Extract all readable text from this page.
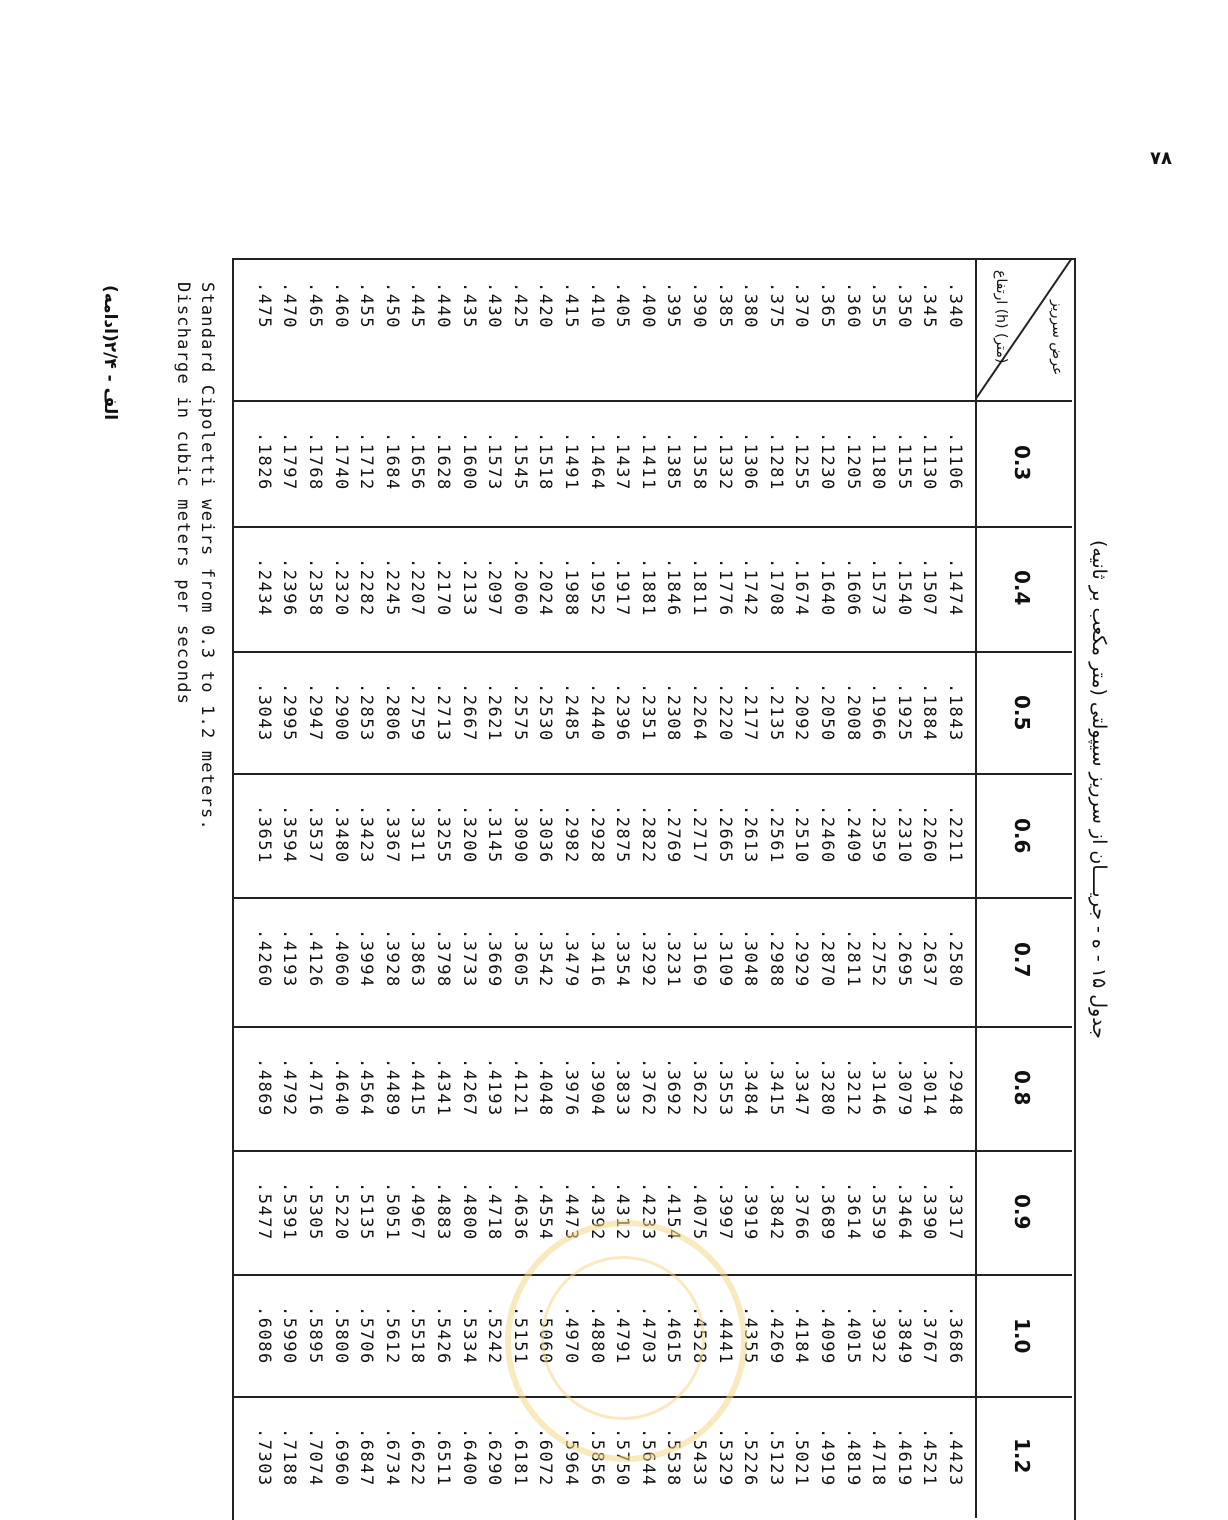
۷۸
عرض سرریز
ارتفاع (h) (متر)
0.3
0.4
0.5
0.6
0.7
0.8
0.9
1.0
1.2
.340
.345
.350
.355
.360
.365
.370
.375
.380
.385
.390
.395
.400
.405
.410
.415
.420
.425
.430
.435
.440
.445
.450
.455
.460
.465
.470
.475
.1106
.1130
.1155
.1180
.1205
.1230
.1255
.1281
.1306
.1332
.1358
.1385
.1411
.1437
.1464
.1491
.1518
.1545
.1573
.1600
.1628
.1656
.1684
.1712
.1740
.1768
.1797
.1826
.1474
.1507
.1540
.1573
.1606
.1640
.1674
.1708
.1742
.1776
.1811
.1846
.1881
.1917
.1952
.1988
.2024
.2060
.2097
.2133
.2170
.2207
.2245
.2282
.2320
.2358
.2396
.2434
.1843
.1884
.1925
.1966
.2008
.2050
.2092
.2135
.2177
.2220
.2264
.2308
.2351
.2396
.2440
.2485
.2530
.2575
.2621
.2667
.2713
.2759
.2806
.2853
.2900
.2947
.2995
.3043
.2211
.2260
.2310
.2359
.2409
.2460
.2510
.2561
.2613
.2665
.2717
.2769
.2822
.2875
.2928
.2982
.3036
.3090
.3145
.3200
.3255
.3311
.3367
.3423
.3480
.3537
.3594
.3651
.2580
.2637
.2695
.2752
.2811
.2870
.2929
.2988
.3048
.3109
.3169
.3231
.3292
.3354
.3416
.3479
.3542
.3605
.3669
.3733
.3798
.3863
.3928
.3994
.4060
.4126
.4193
.4260
.2948
.3014
.3079
.3146
.3212
.3280
.3347
.3415
.3484
.3553
.3622
.3692
.3762
.3833
.3904
.3976
.4048
.4121
.4193
.4267
.4341
.4415
.4489
.4564
.4640
.4716
.4792
.4869
.3317
.3390
.3464
.3539
.3614
.3689
.3766
.3842
.3919
.3997
.4075
.4154
.4233
.4312
.4392
.4473
.4554
.4636
.4718
.4800
.4883
.4967
.5051
.5135
.5220
.5305
.5391
.5477
.3686
.3767
.3849
.3932
.4015
.4099
.4184
.4269
.4355
.4441
.4528
.4615
.4703
.4791
.4880
.4970
.5060
.5151
.5242
.5334
.5426
.5518
.5612
.5706
.5800
.5895
.5990
.6086
.4423
.4521
.4619
.4718
.4819
.4919
.5021
.5123
.5226
.5329
.5433
.5538
.5644
.5750
.5856
.5964
.6072
.6181
.6290
.6400
.6511
.6622
.6734
.6847
.6960
.7074
.7188
.7303
جدول ۱۵ - ه - جریــــان از سرریز سیپولتی (متر مکعب بر ثانیه)
Standard Cipoletti weirs from 0.3 to 1.2 meters.
Discharge in cubic meters per seconds
الف - ۲/۴(ادامه)
